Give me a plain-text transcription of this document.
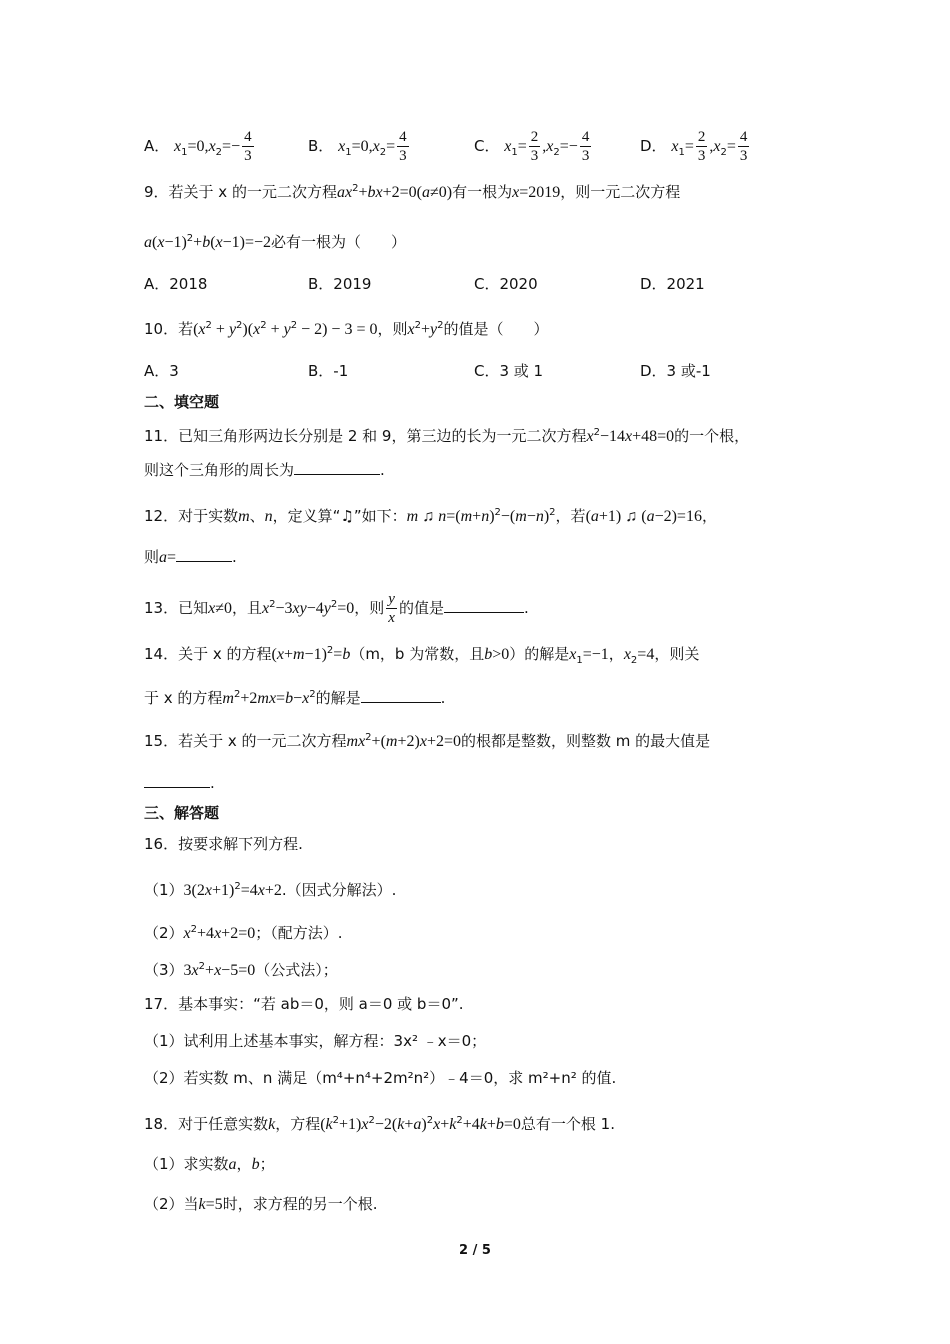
A． $x_1=0,x_2=- \frac{4}{3}$	B． $x_1=0,x_2= \frac{4}{3}$	C． $x_1= \frac{2}{3} ,x_2=- \frac{4}{3}$	D． $x_1= \frac{2}{3} ,x_2= \frac{4}{3}$
9．若关于 x 的一元二次方程$ax^2+bx+2=0(a\ne 0)$有一根为x=2019，则一元二次方程
$a(x-1)^2+b(x-1)=-2$必有一根为（　　）
A．2018	B．2019	C．2020	D．2021
10．若$(x^2 + y^2)(x^2 + y^2 - 2) - 3 = 0$，则$x^2+y^2$的值是（　　）
A．3	B．-1	C．3 或 1	D．3 或-1
二、填空题
11．已知三角形两边长分别是 2 和 9，第三边的长为一元二次方程$x^2-14x+48=0$的一个根，
则这个三角形的周长为	.
12．对于实数m、n，定义算“♫”如下：m ♫ $n=(m+n)^2-(m-n)^2$，若(a+1) ♫ (a−2)=16，
则a=	.
13．已知x≠0，且$x^2-3xy-4y^2=0$，则 $\frac{y}{x}$ 的值是	.
14．关于 x 的方程$(x+m-1)^2=b(m$，b 为常数，且b>0）的解是$x_1=-1$，$x_2=4$，则关
于 x 的方程$m^2+2mx=b-x^2$的解是	.
15．若关于 x 的一元二次方程$mx^2+(m+2)x+2=0$的根都是整数，则整数 m 的最大值是
.
三、解答题
16．按要求解下列方程.
$(1)3(2x+1)^2=4x+2$.（因式分解法）.
$(2)x^2+4x+2=0$；（配方法）.
$(3)3x^2+x-5=0$（公式法）；
17．基本事实：“若 ab＝0，则 a＝0 或 b＝0”.
（1）试利用上述基本事实，解方程：3x² ﹣x＝0；
（2）若实数 m、n 满足（m⁴+n⁴+2m²n²）﹣4＝0，求 m²+n² 的值.
18．对于任意实数k，方程$(k^2+1)x^2-2(k+a)^2x+k^2+4k+b=0$总有一个根 1.
（1）求实数a，b；
（2）当k=5时，求方程的另一个根.
2 / 5
